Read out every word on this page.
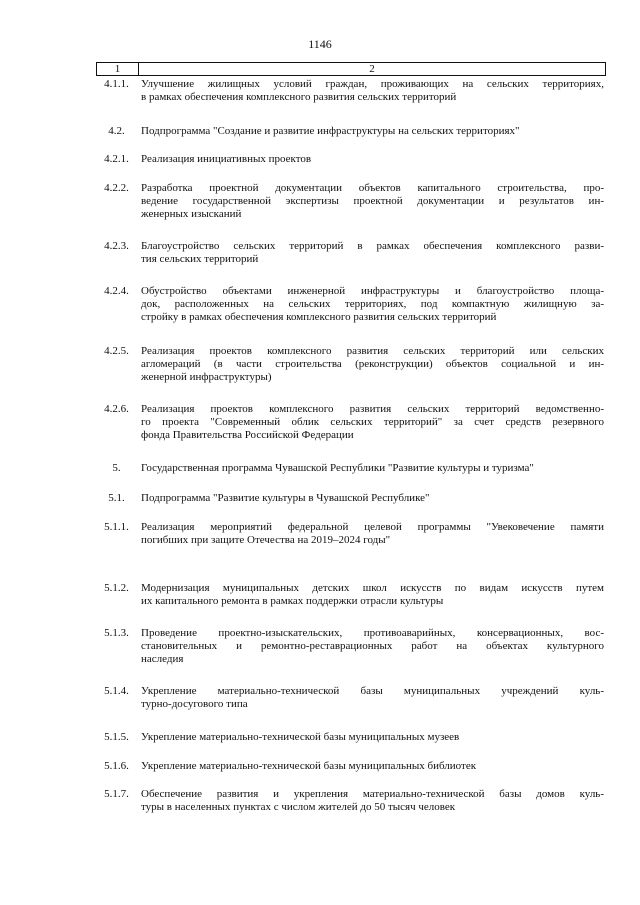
1146
1	2
4.1.1.	Улучшение жилищных условий граждан, проживающих на сельских территориях,
в рамках обеспечения комплексного развития сельских территорий
4.2.	Подпрограмма "Создание и развитие инфраструктуры на сельских территориях"
4.2.1.	Реализация инициативных проектов
4.2.2.	Разработка проектной документации объектов капитального строительства, про-
ведение государственной экспертизы проектной документации и результатов ин-
женерных изысканий
4.2.3.	Благоустройство сельских территорий в рамках обеспечения комплексного разви-
тия сельских территорий
4.2.4.	Обустройство объектами инженерной инфраструктуры и благоустройство площа-
док, расположенных на сельских территориях, под компактную жилищную за-
стройку в рамках обеспечения комплексного развития сельских территорий
4.2.5.	Реализация проектов комплексного развития сельских территорий или сельских
агломераций (в части строительства (реконструкции) объектов социальной и ин-
женерной инфраструктуры)
4.2.6.	Реализация проектов комплексного развития сельских территорий ведомственно-
го проекта "Современный облик сельских территорий" за счет средств резервного
фонда Правительства Российской Федерации
5.	Государственная программа Чувашской Республики "Развитие культуры и туризма"
5.1.	Подпрограмма "Развитие культуры в Чувашской Республике"
5.1.1.	Реализация мероприятий федеральной целевой программы "Увековечение памяти
погибших при защите Отечества на 2019–2024 годы"
5.1.2.	Модернизация муниципальных детских школ искусств по видам искусств путем
их капитального ремонта в рамках поддержки отрасли культуры
5.1.3.	Проведение проектно-изыскательских, противоаварийных, консервационных, вос-
становительных и ремонтно-реставрационных работ на объектах культурного
наследия
5.1.4.	Укрепление материально-технической базы муниципальных учреждений куль-
турно-досугового типа
5.1.5.	Укрепление материально-технической базы муниципальных музеев
5.1.6.	Укрепление материально-технической базы муниципальных библиотек
5.1.7.	Обеспечение развития и укрепления материально-технической базы домов куль-
туры в населенных пунктах с числом жителей до 50 тысяч человек
